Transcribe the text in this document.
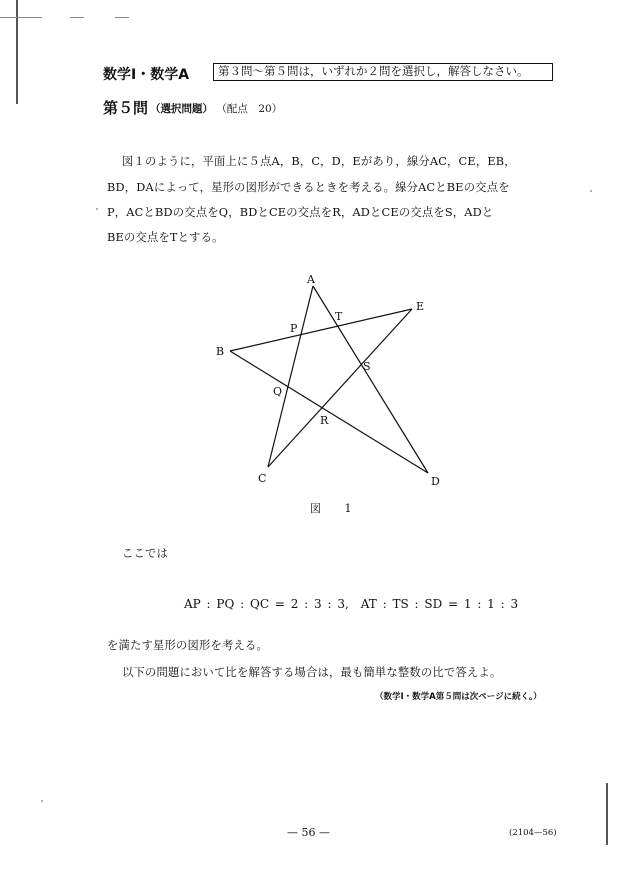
数学Ⅰ・数学A	第３問～第５問は，いずれか２問を選択し，解答しなさい。
第５問 （選択問題） （配点　20）
図１のように，平面上に５点A，B，C，D，Eがあり，線分AC，CE，EB，
BD，DAによって，星形の図形ができるときを考える。線分ACとBEの交点を
P，ACとBDの交点をQ，BDとCEの交点をR，ADとCEの交点をS，ADと
BEの交点をTとする。
A
B
C	D
E
P
Q
R
S
T
図 1
ここでは
AP : PQ : QC = 2 : 3 : 3,　AT : TS : SD = 1 : 1 : 3
を満たす星形の図形を考える。
以下の問題において比を解答する場合は，最も簡単な整数の比で答えよ。
（数学Ⅰ・数学A第５問は次ページに続く。）
— 56 —	(2104—56)
